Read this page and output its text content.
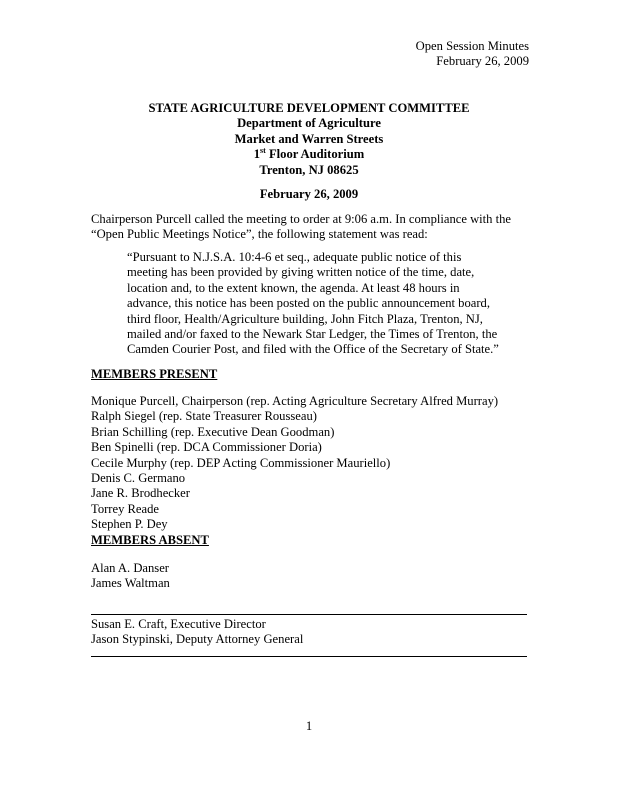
Open Session Minutes
February 26, 2009
STATE AGRICULTURE DEVELOPMENT COMMITTEE
Department of Agriculture
Market and Warren Streets
1st Floor Auditorium
Trenton, NJ 08625
February 26, 2009
Chairperson Purcell called the meeting to order at 9:06 a.m. In compliance with the
“Open Public Meetings Notice”, the following statement was read:
“Pursuant to N.J.S.A. 10:4-6 et seq., adequate public notice of this
meeting has been provided by giving written notice of the time, date,
location and, to the extent known, the agenda. At least 48 hours in
advance, this notice has been posted on the public announcement board,
third floor, Health/Agriculture building, John Fitch Plaza, Trenton, NJ,
mailed and/or faxed to the Newark Star Ledger, the Times of Trenton, the
Camden Courier Post, and filed with the Office of the Secretary of State.”
MEMBERS PRESENT
Monique Purcell, Chairperson (rep. Acting Agriculture Secretary Alfred Murray)
Ralph Siegel (rep. State Treasurer Rousseau)
Brian Schilling (rep. Executive Dean Goodman)
Ben Spinelli (rep. DCA Commissioner Doria)
Cecile Murphy (rep. DEP Acting Commissioner Mauriello)
Denis C. Germano
Jane R. Brodhecker
Torrey Reade
Stephen P. Dey
MEMBERS ABSENT
Alan A. Danser
James Waltman
Susan E. Craft, Executive Director
Jason Stypinski, Deputy Attorney General
1
